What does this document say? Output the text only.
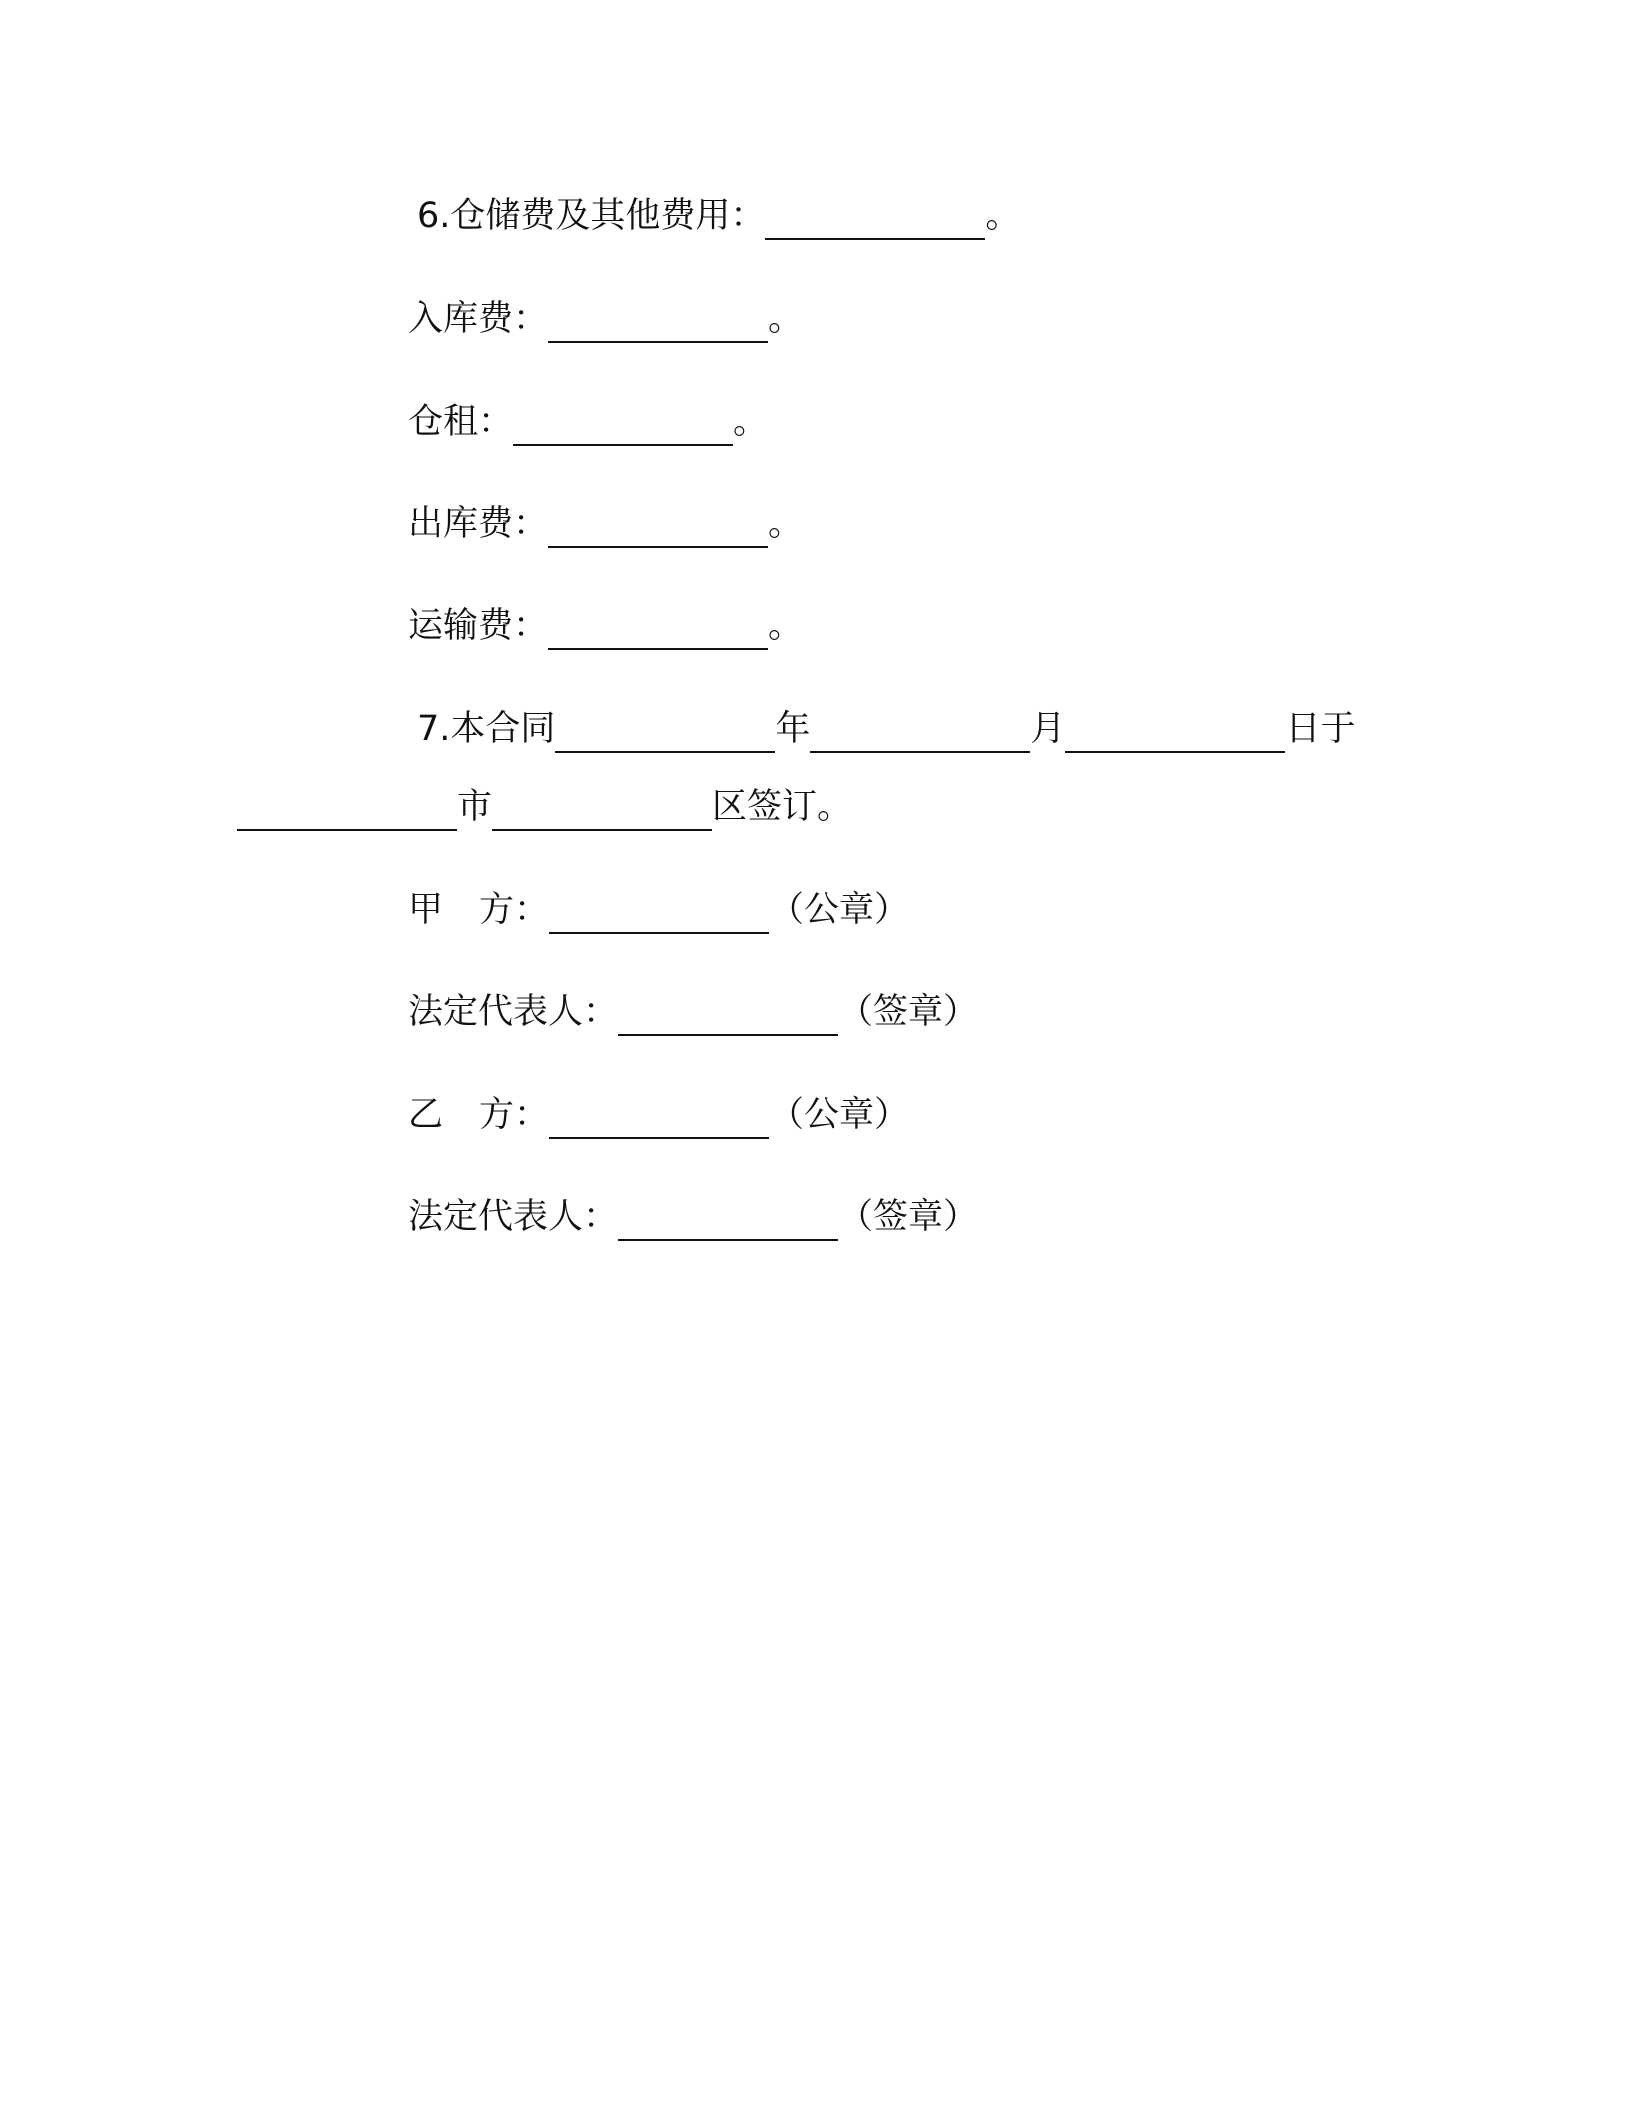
6.仓储费及其他费用：	。
入库费：	。
仓租：	。
出库费：	。
运输费：	。
7.本合同	年	月	日于
市	区签订。
甲 方：	（公章）
法定代表人：	（签章）
乙 方：	（公章）
法定代表人：	（签章）
